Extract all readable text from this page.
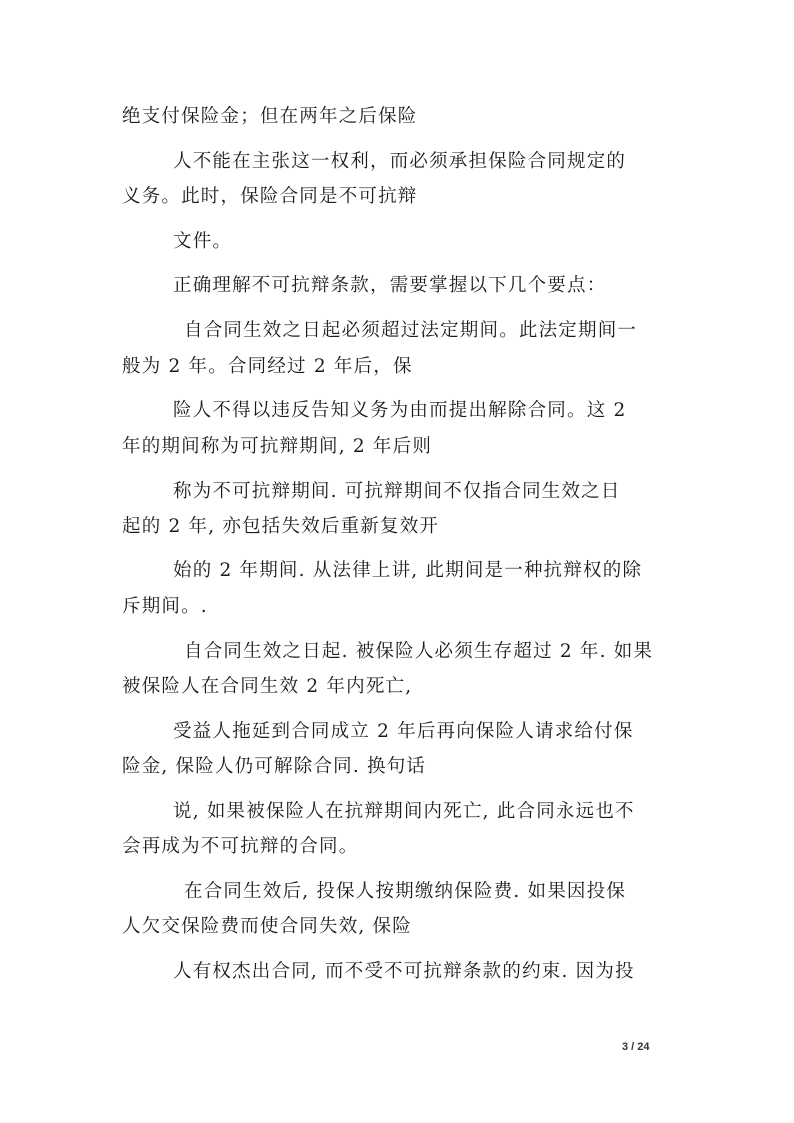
绝支付保险金；但在两年之后保险
人不能在主张这一权利，而必须承担保险合同规定的
义务。此时，保险合同是不可抗辩
文件。
正确理解不可抗辩条款，需要掌握以下几个要点：
自合同生效之日起必须超过法定期间。此法定期间一
般为 2 年。合同经过 2 年后，保
险人不得以违反告知义务为由而提出解除合同。这 2
年的期间称为可抗辩期间, 2 年后则
称为不可抗辩期间. 可抗辩期间不仅指合同生效之日
起的 2 年, 亦包括失效后重新复效开
始的 2 年期间. 从法律上讲, 此期间是一种抗辩权的除
斥期间。.
自合同生效之日起. 被保险人必须生存超过 2 年. 如果
被保险人在合同生效 2 年内死亡,
受益人拖延到合同成立 2 年后再向保险人请求给付保
险金, 保险人仍可解除合同. 换句话
说, 如果被保险人在抗辩期间内死亡, 此合同永远也不
会再成为不可抗辩的合同。
在合同生效后, 投保人按期缴纳保险费. 如果因投保
人欠交保险费而使合同失效, 保险
人有权杰出合同, 而不受不可抗辩条款的约束. 因为投
3 / 24
